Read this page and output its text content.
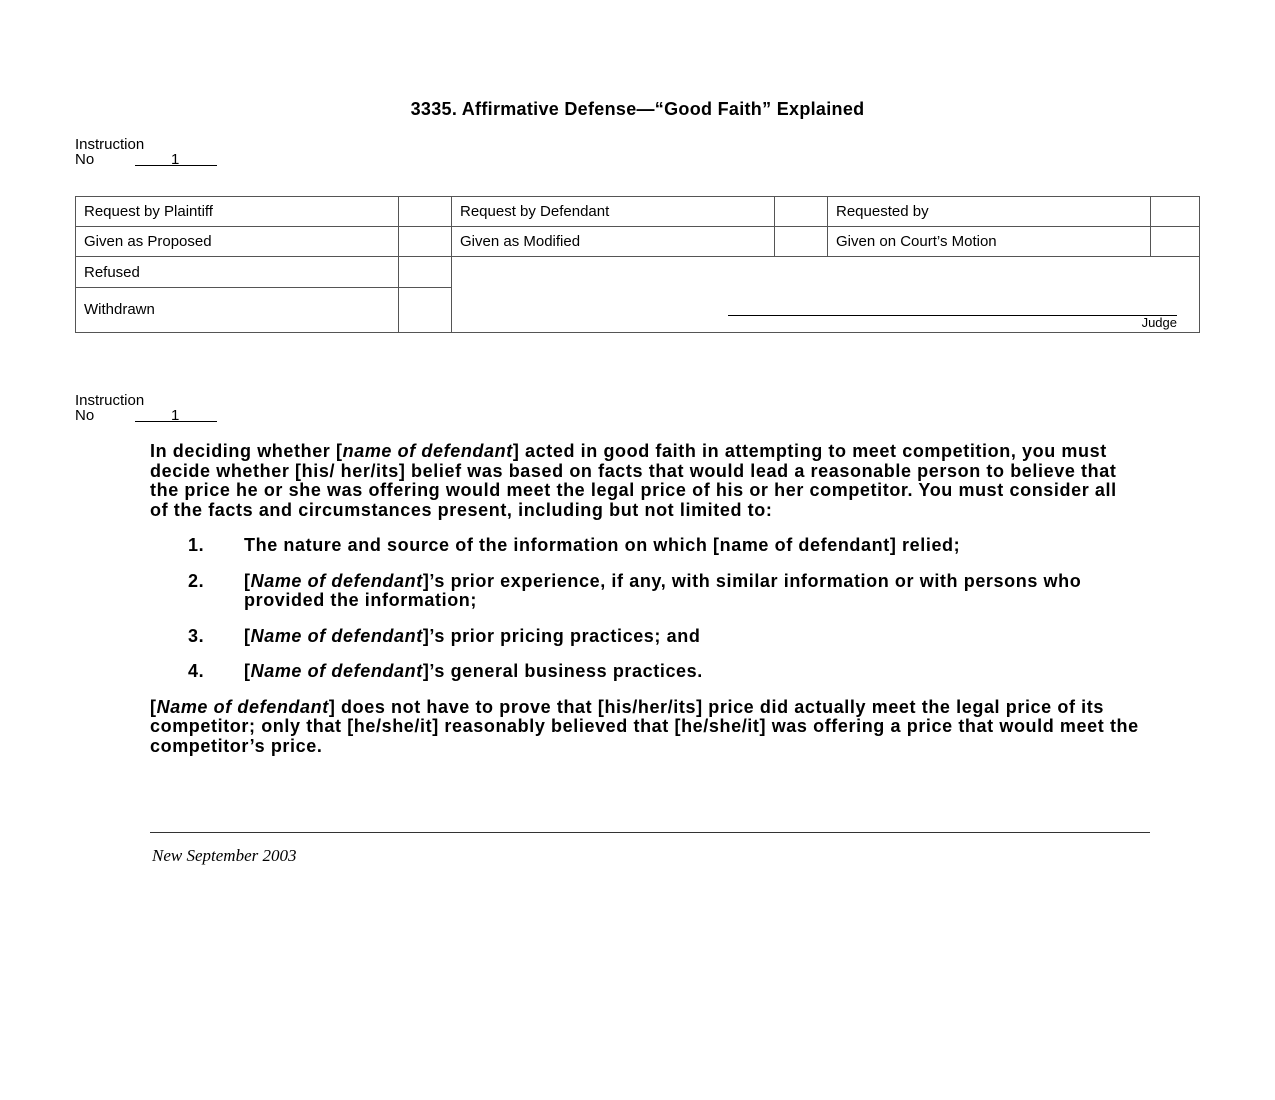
3335. Affirmative Defense—“Good Faith” Explained
Instruction
No	1
Request by Plaintiff		Request by Defendant		Requested by	
Given as Proposed		Given as Modified		Given on Court’s Motion	
Refused		Judge			

Withdrawn					
Instruction
No	1

In deciding whether [name of defendant] acted in good faith in attempting to meet competition, you must decide whether [his/ her/its] belief was based on facts that would lead a reasonable person to believe that the price he or she was offering would meet the legal price of his or her competitor. You must consider all of the facts and circumstances present, including but not limited to:

1. The nature and source of the information on which [name of defendant] relied;
2. [Name of defendant]’s prior experience, if any, with similar information or with persons who provided the information;
3. [Name of defendant]’s prior pricing practices; and
4. [Name of defendant]’s general business practices.

[Name of defendant] does not have to prove that [his/her/its] price did actually meet the legal price of its competitor; only that [he/she/it] reasonably believed that [he/she/it] was offering a price that would meet the competitor’s price.

New September 2003
